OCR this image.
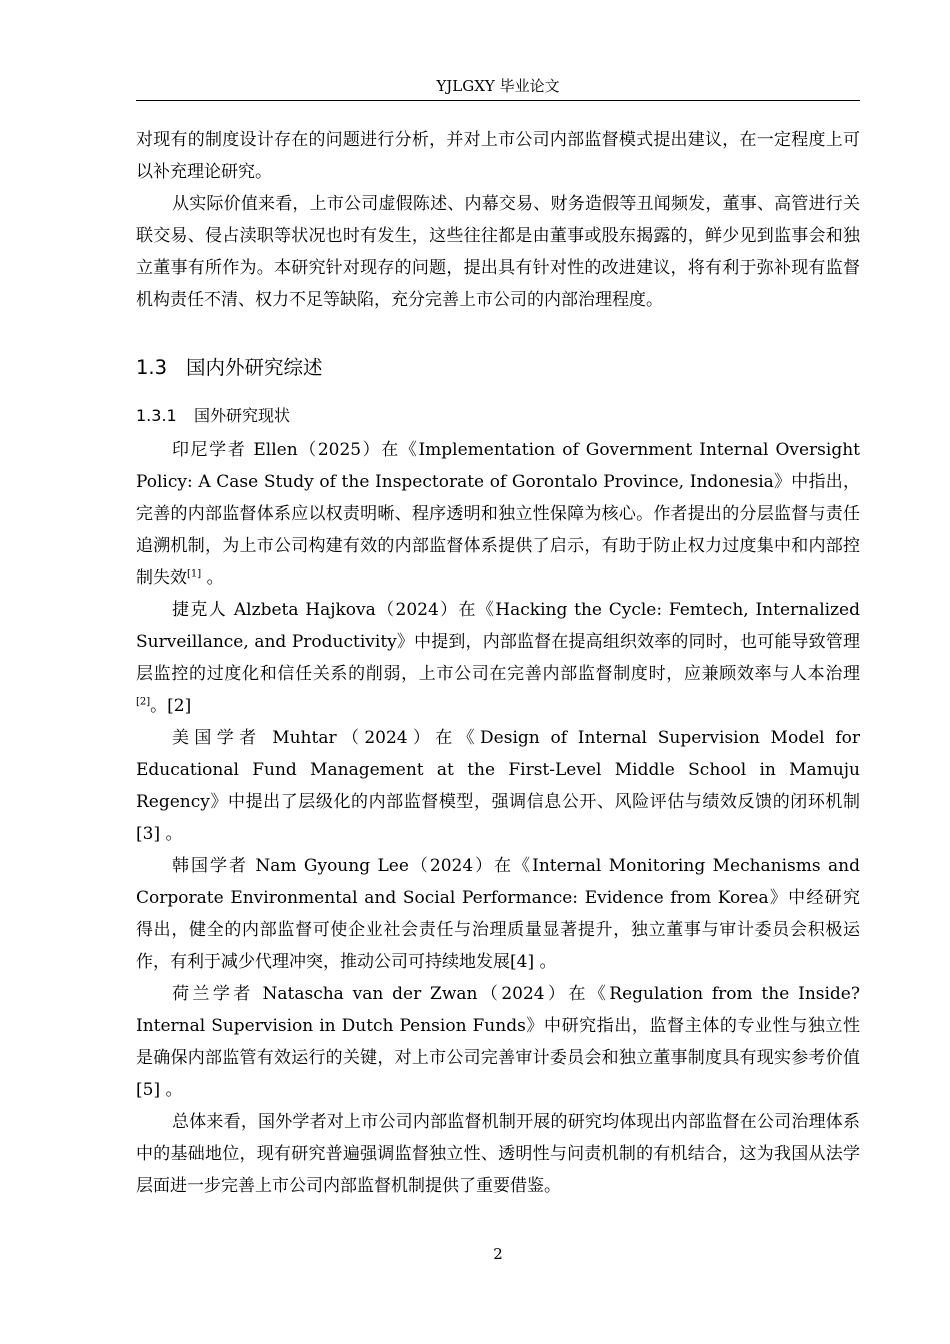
YJLGXY 毕业论文

对现有的制度设计存在的问题进行分析，并对上市公司内部监督模式提出建议，在一定程度上可以补充理论研究。

从实际价值来看，上市公司虚假陈述、内幕交易、财务造假等丑闻频发，董事、高管进行关联交易、侵占渎职等状况也时有发生，这些往往都是由董事或股东揭露的，鲜少见到监事会和独立董事有所作为。本研究针对现存的问题，提出具有针对性的改进建议，将有利于弥补现有监督机构责任不清、权力不足等缺陷，充分完善上市公司的内部治理程度。

1.3 国内外研究综述
1.3.1 国外研究现状

印尼学者 Ellen（2025）在《Implementation of Government Internal Oversight Policy: A Case Study of the Inspectorate of Gorontalo Province, Indonesia》中指出，完善的内部监督体系应以权责明晰、程序透明和独立性保障为核心。作者提出的分层监督与责任追溯机制，为上市公司构建有效的内部监督体系提供了启示，有助于防止权力过度集中和内部控制失效[1] 。

捷克人 Alzbeta Hajkova（2024）在《Hacking the Cycle: Femtech, Internalized Surveillance, and Productivity》中提到，内部监督在提高组织效率的同时，也可能导致管理层监控的过度化和信任关系的削弱，上市公司在完善内部监督制度时，应兼顾效率与人本治理 [2]。[2]

美国学者 Muhtar（2024）在《Design of Internal Supervision Model for Educational Fund Management at the First-Level Middle School in Mamuju Regency》中提出了层级化的内部监督模型，强调信息公开、风险评估与绩效反馈的闭环机制[3] 。

韩国学者 Nam Gyoung Lee（2024）在《Internal Monitoring Mechanisms and Corporate Environmental and Social Performance: Evidence from Korea》中经研究得出，健全的内部监督可使企业社会责任与治理质量显著提升，独立董事与审计委员会积极运作，有利于减少代理冲突，推动公司可持续地发展[4] 。

荷兰学者 Natascha van der Zwan（2024）在《Regulation from the Inside? Internal Supervision in Dutch Pension Funds》中研究指出，监督主体的专业性与独立性是确保内部监管有效运行的关键，对上市公司完善审计委员会和独立董事制度具有现实参考价值[5] 。

总体来看，国外学者对上市公司内部监督机制开展的研究均体现出内部监督在公司治理体系中的基础地位，现有研究普遍强调监督独立性、透明性与问责机制的有机结合，这为我国从法学层面进一步完善上市公司内部监督机制提供了重要借鉴。

2
